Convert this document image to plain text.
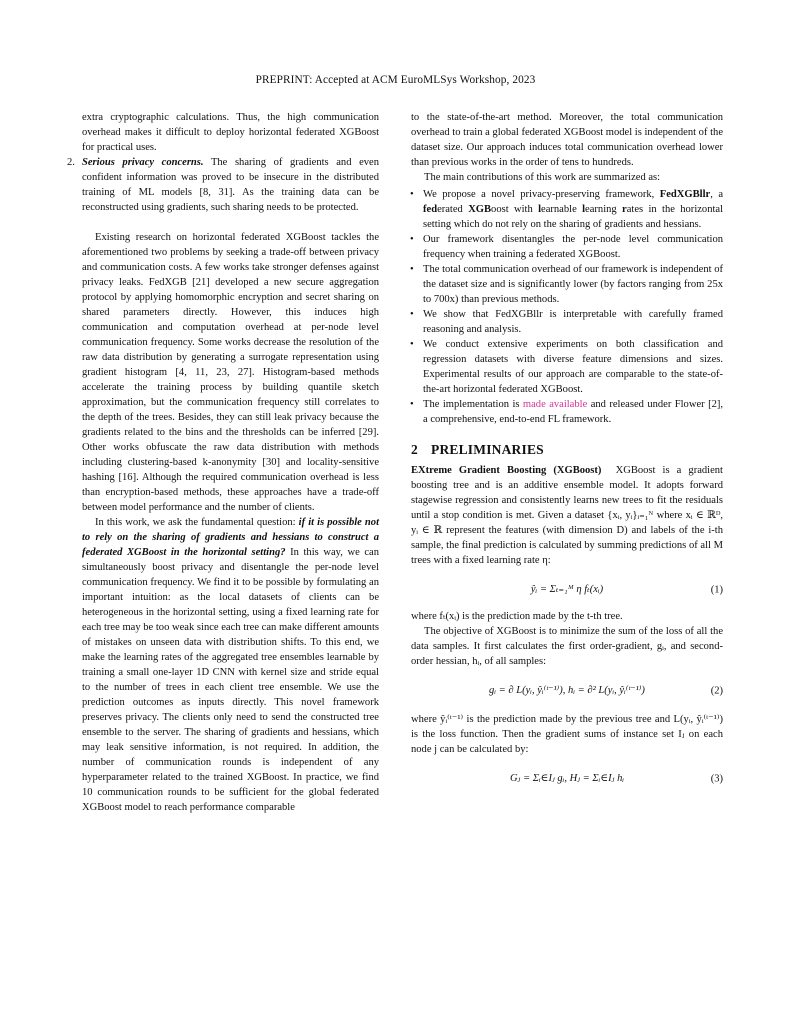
PREPRINT: Accepted at ACM EuroMLSys Workshop, 2023

extra cryptographic calculations. Thus, the high communication overhead makes it difficult to deploy horizontal federated XGBoost for practical uses.

2. Serious privacy concerns. The sharing of gradients and even confident information was proved to be insecure in the distributed training of ML models [8, 31]. As the training data can be reconstructed using gradients, such sharing needs to be protected.

Existing research on horizontal federated XGBoost tackles the aforementioned two problems by seeking a trade-off between privacy and communication costs. A few works take stronger defenses against privacy leaks. FedXGB [21] developed a new secure aggregation protocol by applying homomorphic encryption and secret sharing on shared parameters directly. However, this induces high communication and computation overhead at per-node level communication frequency. Some works decrease the resolution of the raw data distribution by generating a surrogate representation using gradient histogram [4, 11, 23, 27]. Histogram-based methods accelerate the training process by building quantile sketch approximation, but the communication frequency still correlates to the depth of the trees. Besides, they can still leak privacy because the gradients related to the bins and the thresholds can be inferred [29]. Other works obfuscate the raw data distribution with methods including clustering-based k-anonymity [30] and locality-sensitive hashing [16]. Although the required communication overhead is less than encryption-based methods, these approaches have a trade-off between model performance and the number of clients.

In this work, we ask the fundamental question: if it is possible not to rely on the sharing of gradients and hessians to construct a federated XGBoost in the horizontal setting? In this way, we can simultaneously boost privacy and disentangle the per-node level communication frequency. We find it to be possible by formulating an important intuition: as the local datasets of clients can be heterogeneous in the horizontal setting, using a fixed learning rate for each tree may be too weak since each tree can make different amounts of mistakes on unseen data with distribution shifts. To this end, we make the learning rates of the aggregated tree ensembles learnable by training a small one-layer 1D CNN with kernel size and stride equal to the number of trees in each client tree ensemble. We use the prediction outcomes as inputs directly. This novel framework preserves privacy. The clients only need to send the constructed tree ensemble to the server. The sharing of gradients and hessians, which may leak sensitive information, is not required. In addition, the number of communication rounds is independent of any hyperparameter related to the trained XGBoost. In practice, we find 10 communication rounds to be sufficient for the global federated XGBoost model to reach performance comparable

to the state-of-the-art method. Moreover, the total communication overhead to train a global federated XGBoost model is independent of the dataset size. Our approach induces total communication overhead lower than previous works in the order of tens to hundreds.

The main contributions of this work are summarized as:

• We propose a novel privacy-preserving framework, FedXGBllr, a federated XGBoost with learnable learning rates in the horizontal setting which do not rely on the sharing of gradients and hessians.
• Our framework disentangles the per-node level communication frequency when training a federated XGBoost.
• The total communication overhead of our framework is independent of the dataset size and is significantly lower (by factors ranging from 25x to 700x) than previous methods.
• We show that FedXGBllr is interpretable with carefully framed reasoning and analysis.
• We conduct extensive experiments on both classification and regression datasets with diverse feature dimensions and sizes. Experimental results of our approach are comparable to the state-of-the-art horizontal federated XGBoost.
• The implementation is made available and released under Flower [2], a comprehensive, end-to-end FL framework.
2 PRELIMINARIES

EXtreme Gradient Boosting (XGBoost) XGBoost is a gradient boosting tree and is an additive ensemble model. It adopts forward stagewise regression and consistently learns new trees to fit the residuals until a stop condition is met. Given a dataset {xᵢ, yᵢ}ᵢ₌₁ᴺ where xᵢ ∈ ℝᴰ, yᵢ ∈ ℝ represent the features (with dimension D) and labels of the i-th sample, the final prediction is calculated by summing predictions of all M trees with a fixed learning rate η:

ŷᵢ = Σₜ₌₁ᴹ η fₜ(xᵢ)	(1)

where fₜ(xᵢ) is the prediction made by the t-th tree.

The objective of XGBoost is to minimize the sum of the loss of all the data samples. It first calculates the first order-gradient, gᵢ, and second-order hessian, hᵢ, of all samples:

gᵢ = ∂ L(yᵢ, ŷᵢ⁽ᵗ⁻¹⁾), hᵢ = ∂² L(yᵢ, ŷᵢ⁽ᵗ⁻¹⁾)	(2)

where ŷᵢ⁽ᵗ⁻¹⁾ is the prediction made by the previous tree and L(yᵢ, ŷᵢ⁽ᵗ⁻¹⁾) is the loss function. Then the gradient sums of instance set Iⱼ on each node j can be calculated by:

Gⱼ = Σᵢ∈Iⱼ gᵢ, Hⱼ = Σᵢ∈Iⱼ hᵢ	(3)
